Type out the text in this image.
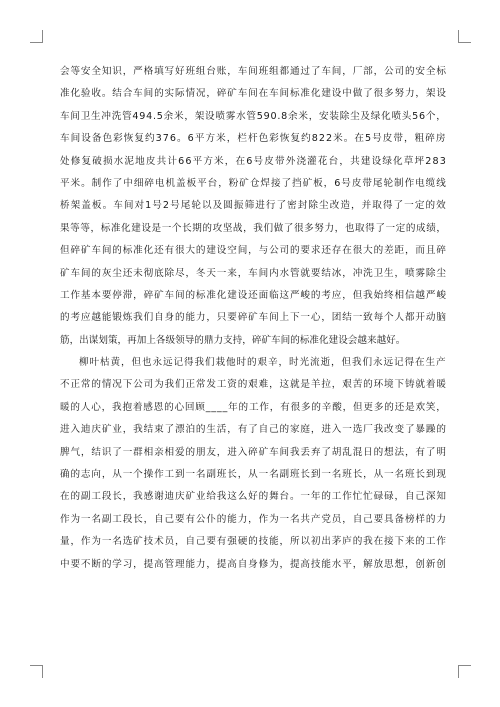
会 等 安 全 知 识 ， 严 格 填 写 好 班 组 台 账 ， 车 间 班 组 都 通 过 了 车 间 ， 厂 部 ， 公 司 的 安 全 标
准 化 验 收 。 结 合 车 间 的 实 际 情 况 ， 碎 矿 车 间 在 车 间 标 准 化 建 设 中 做 了 很 多 努 力 ， 架 设
车 间 卫 生 冲 洗 管 4 9 4 . 5 余 米 ， 架 设 喷 雾 水 管 5 9 0 . 8 余 米 ， 安 装 除 尘 及 绿 化 喷 头 5 6 个 ，
车 间 设 备 色 彩 恢 复 约 3 7 6 。 6 平 方 米 ， 栏 杆 色 彩 恢 复 约 8 2 2 米 。 在 5 号 皮 带 ， 粗 碎 房
处 修 复 破 损 水 泥 地 皮 共 计 6 6 平 方 米 ， 在 6 号 皮 带 外 浇 灌 花 台 ， 共 建 设 绿 化 草 坪 2 8 3
平 米 。 制 作 了 中 细 碎 电 机 盖 板 平 台 ， 粉 矿 仓 焊 接 了 挡 矿 板 ， 6 号 皮 带 尾 轮 制 作 电 缆 线
桥 架 盖 板 。 车 间 对 1 号 2 号 尾 轮 以 及 圆 振 筛 进 行 了 密 封 除 尘 改 造 ， 并 取 得 了 一 定 的 效
果 等 等 ， 标 准 化 建 设 是 一 个 长 期 的 攻 坚 战 ， 我 们 做 了 很 多 努 力 ， 也 取 得 了 一 定 的 成 绩 ，
但 碎 矿 车 间 的 标 准 化 还 有 很 大 的 建 设 空 间 ， 与 公 司 的 要 求 还 存 在 很 大 的 差 距 ， 而 且 碎
矿 车 间 的 灰 尘 还 未 彻 底 除 尽 ， 冬 天 一 来 ， 车 间 内 水 管 就 要 结 冰 ， 冲 洗 卫 生 ， 喷 雾 除 尘
工 作 基 本 要 停 滞 ， 碎 矿 车 间 的 标 准 化 建 设 还 面 临 这 严 峻 的 考 应 ， 但 我 始 终 相 信 越 严 峻
的 考 应 越 能 锻 炼 我 们 自 身 的 能 力 ， 只 要 碎 矿 车 间 上 下 一 心 ， 团 结 一 致 每 个 人 都 开 动 脑
筋，出谋划策，再加上各级领导的鼎力支持，碎矿车间的标准化建设会越来越好。
柳 叶 枯 黄 ， 但 也 永 远 记 得 我 们 栽 他 时 的 艰 辛 ， 时 光 流 逝 ， 但 我 们 永 远 记 得 在 生 产
不 正 常 的 情 况 下 公 司 为 我 们 正 常 发 工 资 的 艰 难 ， 这 就 是 羊 拉 ， 艰 苦 的 环 境 下 铸 就 着 暖
暖 的 人 心 ， 我 抱 着 感 恩 的 心 回 顾 _ _ _ _ 年 的 工 作 ， 有 很 多 的 辛 酸 ， 但 更 多 的 还 是 欢 笑 ，
进 入 迪 庆 矿 业 ， 我 结 束 了 漂 泊 的 生 活 ， 有 了 自 己 的 家 庭 ， 进 入 一 选 厂 我 改 变 了 暴 躁 的
脾 气 ， 结 识 了 一 群 相 亲 相 爱 的 朋 友 ， 进 入 碎 矿 车 间 我 丢 弃 了 胡 乱 混 日 的 想 法 ， 有 了 明
确 的 志 向 ， 从 一 个 操 作 工 到 一 名 副 班 长 ， 从 一 名 副 班 长 到 一 名 班 长 ， 从 一 名 班 长 到 现
在 的 副 工 段 长 ， 我 感 谢 迪 庆 矿 业 给 我 这 么 好 的 舞 台 。 一 年 的 工 作 忙 忙 碌 碌 ， 自 己 深 知
作 为 一 名 副 工 段 长 ， 自 己 要 有 公 仆 的 能 力 ， 作 为 一 名 共 产 党 员 ， 自 己 要 具 备 榜 样 的 力
量 ， 作 为 一 名 选 矿 技 术 员 ， 自 己 要 有 强 硬 的 技 能 ， 所 以 初 出 茅 庐 的 我 在 接 下 来 的 工 作
中 要 不 断 的 学 习 ， 提 高 管 理 能 力 ， 提 高 自 身 修 为 ， 提 高 技 能 水 平 ， 解 放 思 想 ， 创 新 创
